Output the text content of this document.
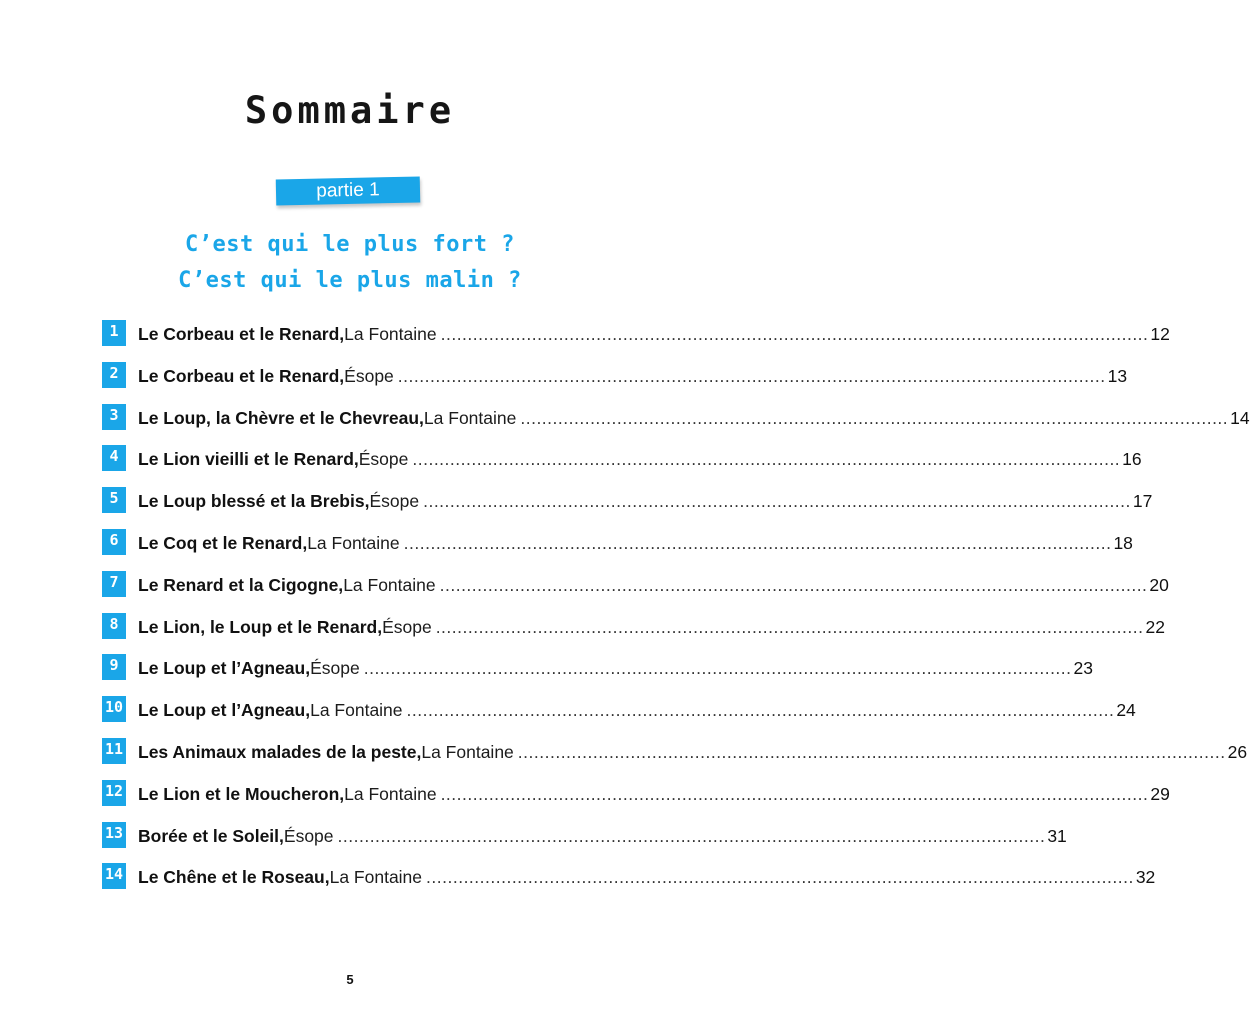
Sommaire
partie 1
C’est qui le plus fort ?
C’est qui le plus malin ?
1	Le Corbeau et le Renard, La Fontaine .....	12
2	Le Corbeau et le Renard, Ésope .....	13
3	Le Loup, la Chèvre et le Chevreau, La Fontaine .....	14
4	Le Lion vieilli et le Renard, Ésope .....	16
5	Le Loup blessé et la Brebis, Ésope .....	17
6	Le Coq et le Renard, La Fontaine .....	18
7	Le Renard et la Cigogne, La Fontaine .....	20
8	Le Lion, le Loup et le Renard, Ésope .....	22
9	Le Loup et l’Agneau, Ésope .....	23
10 Le Loup et l’Agneau, La Fontaine .....	24
11 Les Animaux malades de la peste, La Fontaine .....	26
12 Le Lion et le Moucheron, La Fontaine .....	29
13 Borée et le Soleil, Ésope .....	31
14 Le Chêne et le Roseau, La Fontaine .....	32
5
